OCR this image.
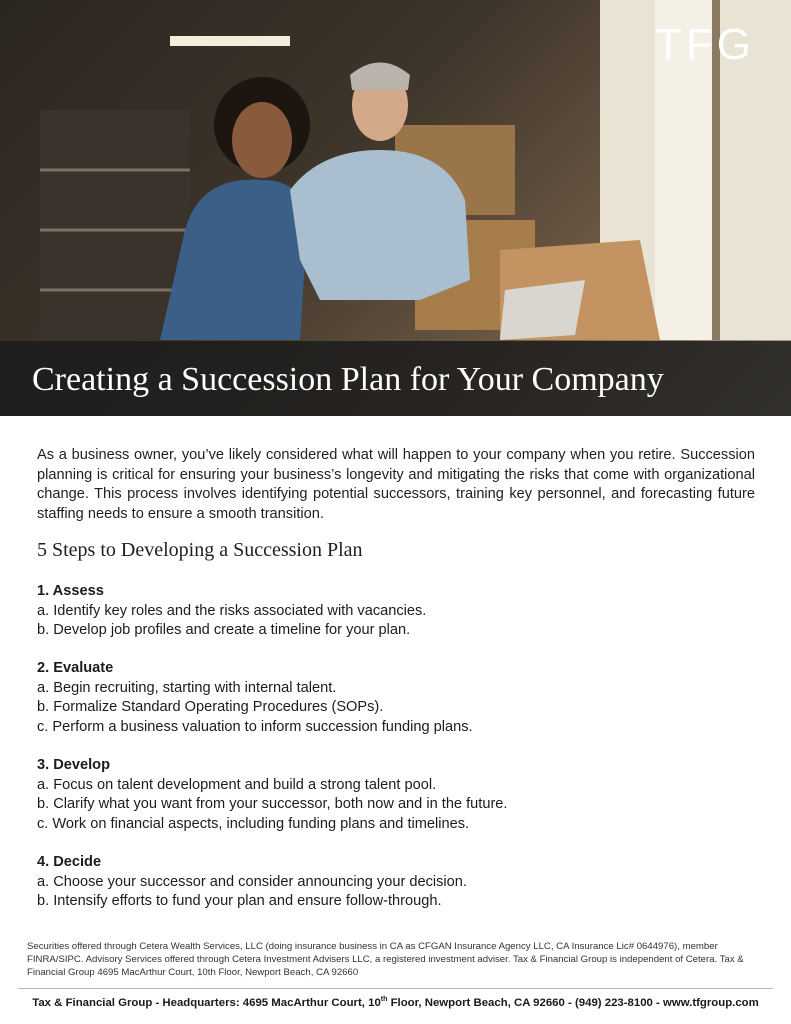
TFG
Creating a Succession Plan for Your Company

As a business owner, you’ve likely considered what will happen to your company when you retire. Succession planning is critical for ensuring your business’s longevity and mitigating the risks that come with organizational change. This process involves identifying potential successors, training key personnel, and forecasting future staffing needs to ensure a smooth transition.

5 Steps to Developing a Succession Plan
1. Assess
a. Identify key roles and the risks associated with vacancies.
b. Develop job profiles and create a timeline for your plan.
2. Evaluate
a. Begin recruiting, starting with internal talent.
b. Formalize Standard Operating Procedures (SOPs).
c. Perform a business valuation to inform succession funding plans.
3. Develop
a. Focus on talent development and build a strong talent pool.
b. Clarify what you want from your successor, both now and in the future.
c. Work on financial aspects, including funding plans and timelines.
4. Decide
a. Choose your successor and consider announcing your decision.
b. Intensify efforts to fund your plan and ensure follow-through.

Securities offered through Cetera Wealth Services, LLC (doing insurance business in CA as CFGAN Insurance Agency LLC, CA Insurance Lic# 0644976), member FINRA/SIPC. Advisory Services offered through Cetera Investment Advisers LLC, a registered investment adviser. Tax & Financial Group is independent of Cetera. Tax & Financial Group 4695 MacArthur Court, 10th Floor, Newport Beach, CA 92660

Tax & Financial Group - Headquarters: 4695 MacArthur Court, 10th Floor, Newport Beach, CA 92660 - (949) 223-8100 - www.tfgroup.com
